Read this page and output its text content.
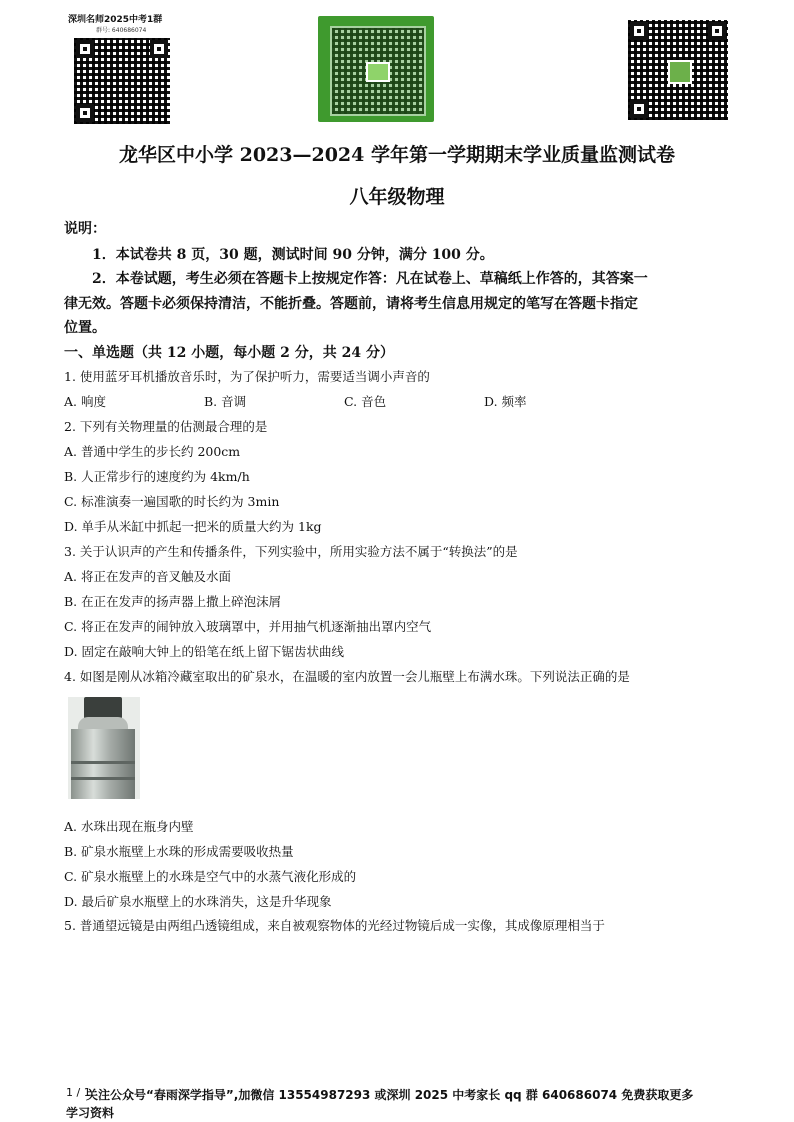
深圳名师2025中考1群
群号: 640686074
龙华区中小学 2023—2024 学年第一学期期末学业质量监测试卷
八年级物理
说明：
1．本试卷共 8 页，30 题，测试时间 90 分钟，满分 100 分。
2．本卷试题，考生必须在答题卡上按规定作答：凡在试卷上、草稿纸上作答的，其答案一
律无效。答题卡必须保持清洁，不能折叠。答题前，请将考生信息用规定的笔写在答题卡指定
位置。
一、单选题（共 12 小题，每小题 2 分，共 24 分）
1. 使用蓝牙耳机播放音乐时，为了保护听力，需要适当调小声音的
A. 响度	B. 音调	C. 音色	D. 频率
2. 下列有关物理量的估测最合理的是
A. 普通中学生的步长约 200cm
B. 人正常步行的速度约为 4km/h
C. 标准演奏一遍国歌的时长约为 3min
D. 单手从米缸中抓起一把米的质量大约为 1kg
3. 关于认识声的产生和传播条件，下列实验中，所用实验方法不属于“转换法”的是
A. 将正在发声的音叉触及水面
B. 在正在发声的扬声器上撒上碎泡沫屑
C. 将正在发声的闹钟放入玻璃罩中，并用抽气机逐渐抽出罩内空气
D. 固定在敲响大钟上的铅笔在纸上留下锯齿状曲线
4. 如图是刚从冰箱冷藏室取出的矿泉水，在温暖的室内放置一会儿瓶壁上布满水珠。下列说法正确的是
A. 水珠出现在瓶身内壁
B. 矿泉水瓶壁上水珠的形成需要吸收热量
C. 矿泉水瓶壁上的水珠是空气中的水蒸气液化形成的
D. 最后矿泉水瓶壁上的水珠消失，这是升华现象
5. 普通望远镜是由两组凸透镜组成，来自被观察物体的光经过物镜后成一实像，其成像原理相当于
1 / 1
关注公众号“春雨深学指导”,加微信 13554987293 或深圳 2025 中考家长 qq 群 640686074 免费获取更多
学习资料
